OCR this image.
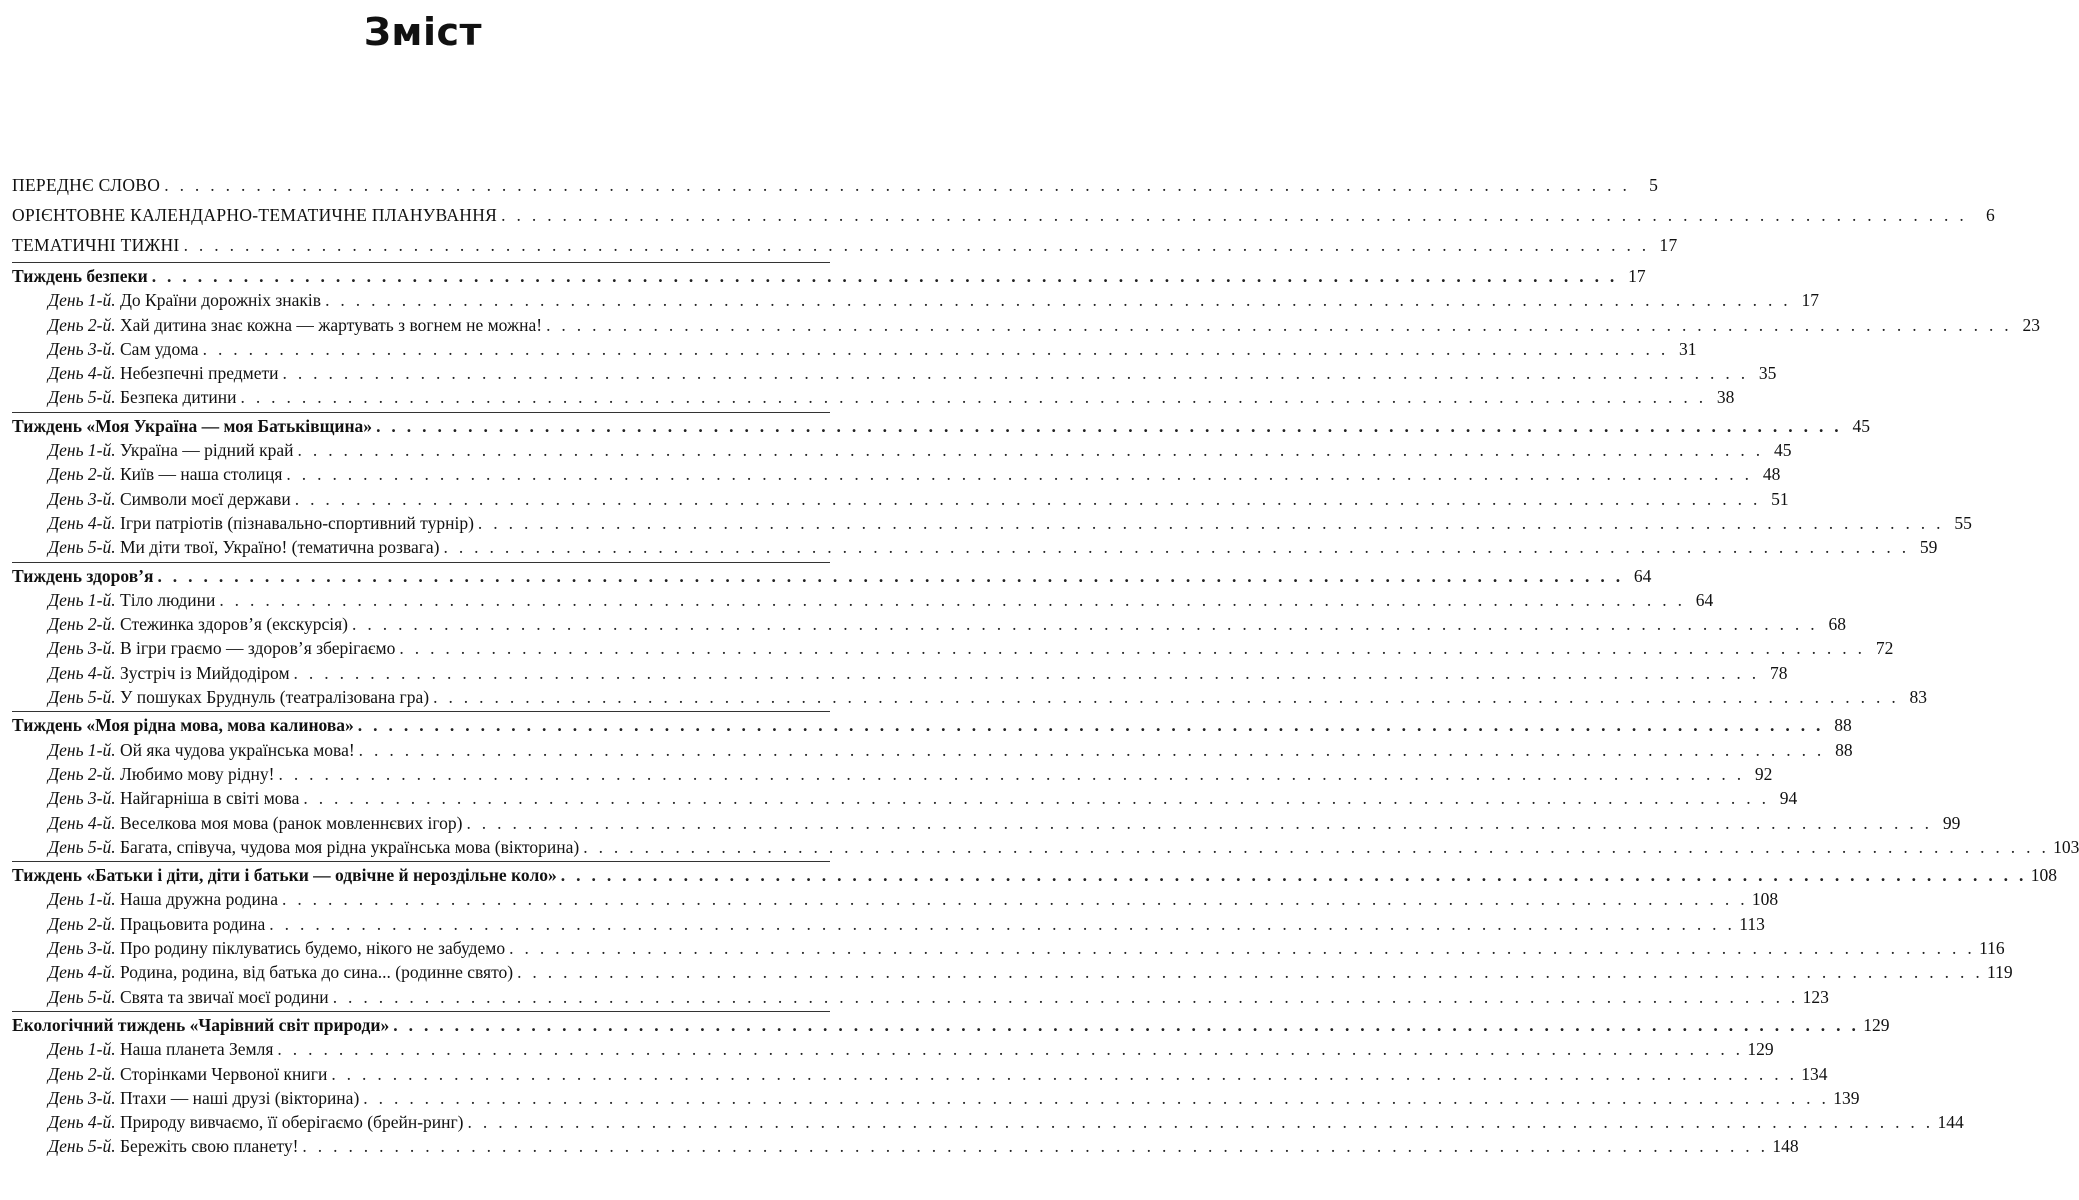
Зміст
ПЕРЕДНЄ СЛОВО . . . . . . . . . . . . . . . . . . . . . . . . . . . . . . . . . . . . . . . . . . . . . . . . . . . . . . . . . . . . . . . . . . . . . . . . . . . . . . . . . . . . . . . . . . . . . . . .	5
ОРІЄНТОВНЕ КАЛЕНДАРНО-ТЕМАТИЧНЕ ПЛАНУВАННЯ . . . . . . . . . . . . . . . . . . . . . . . . . . . . . . . . . . . . . . . . . . . . . . . . . . . . . . . . . . . . . . . . . . . . . . . . . . . . . . . . . . . . . . . . . . . . . . . .	6
ТЕМАТИЧНІ ТИЖНІ . . . . . . . . . . . . . . . . . . . . . . . . . . . . . . . . . . . . . . . . . . . . . . . . . . . . . . . . . . . . . . . . . . . . . . . . . . . . . . . . . . . . . . . . . . . . . . . . 17
Тиждень безпеки . . . . . . . . . . . . . . . . . . . . . . . . . . . . . . . . . . . . . . . . . . . . . . . . . . . . . . . . . . . . . . . . . . . . . . . . . . . . . . . . . . . . . . . . . . . . . . . . 17
День 1-й. До Країни дорожніх знаків . . . . . . . . . . . . . . . . . . . . . . . . . . . . . . . . . . . . . . . . . . . . . . . . . . . . . . . . . . . . . . . . . . . . . . . . . . . . . . . . . . . . . . . . . . . . . . . . 17
День 2-й. Хай дитина знає кожна — жартувать з вогнем не можна! . . . . . . . . . . . . . . . . . . . . . . . . . . . . . . . . . . . . . . . . . . . . . . . . . . . . . . . . . . . . . . . . . . . . . . . . . . . . . . . . . . . . . . . . . . . . . . . . 23
День 3-й. Сам удома . . . . . . . . . . . . . . . . . . . . . . . . . . . . . . . . . . . . . . . . . . . . . . . . . . . . . . . . . . . . . . . . . . . . . . . . . . . . . . . . . . . . . . . . . . . . . . . . 31
День 4-й. Небезпечні предмети . . . . . . . . . . . . . . . . . . . . . . . . . . . . . . . . . . . . . . . . . . . . . . . . . . . . . . . . . . . . . . . . . . . . . . . . . . . . . . . . . . . . . . . . . . . . . . . . 35
День 5-й. Безпека дитини . . . . . . . . . . . . . . . . . . . . . . . . . . . . . . . . . . . . . . . . . . . . . . . . . . . . . . . . . . . . . . . . . . . . . . . . . . . . . . . . . . . . . . . . . . . . . . . . 38
Тиждень «Моя Україна — моя Батьківщина» . . . . . . . . . . . . . . . . . . . . . . . . . . . . . . . . . . . . . . . . . . . . . . . . . . . . . . . . . . . . . . . . . . . . . . . . . . . . . . . . . . . . . . . . . . . . . . . . 45
День 1-й. Україна — рідний край . . . . . . . . . . . . . . . . . . . . . . . . . . . . . . . . . . . . . . . . . . . . . . . . . . . . . . . . . . . . . . . . . . . . . . . . . . . . . . . . . . . . . . . . . . . . . . . . 45
День 2-й. Київ — наша столиця . . . . . . . . . . . . . . . . . . . . . . . . . . . . . . . . . . . . . . . . . . . . . . . . . . . . . . . . . . . . . . . . . . . . . . . . . . . . . . . . . . . . . . . . . . . . . . . . 48
День 3-й. Символи моєї держави . . . . . . . . . . . . . . . . . . . . . . . . . . . . . . . . . . . . . . . . . . . . . . . . . . . . . . . . . . . . . . . . . . . . . . . . . . . . . . . . . . . . . . . . . . . . . . . . 51
День 4-й. Ігри патріотів (пізнавально-спортивний турнір) . . . . . . . . . . . . . . . . . . . . . . . . . . . . . . . . . . . . . . . . . . . . . . . . . . . . . . . . . . . . . . . . . . . . . . . . . . . . . . . . . . . . . . . . . . . . . . . . 55
День 5-й. Ми діти твої, Україно! (тематична розвага) . . . . . . . . . . . . . . . . . . . . . . . . . . . . . . . . . . . . . . . . . . . . . . . . . . . . . . . . . . . . . . . . . . . . . . . . . . . . . . . . . . . . . . . . . . . . . . . . 59
Тиждень здоров’я . . . . . . . . . . . . . . . . . . . . . . . . . . . . . . . . . . . . . . . . . . . . . . . . . . . . . . . . . . . . . . . . . . . . . . . . . . . . . . . . . . . . . . . . . . . . . . . . 64
День 1-й. Тіло людини . . . . . . . . . . . . . . . . . . . . . . . . . . . . . . . . . . . . . . . . . . . . . . . . . . . . . . . . . . . . . . . . . . . . . . . . . . . . . . . . . . . . . . . . . . . . . . . . 64
День 2-й. Стежинка здоров’я (екскурсія) . . . . . . . . . . . . . . . . . . . . . . . . . . . . . . . . . . . . . . . . . . . . . . . . . . . . . . . . . . . . . . . . . . . . . . . . . . . . . . . . . . . . . . . . . . . . . . . . 68
День 3-й. В ігри граємо — здоров’я зберігаємо . . . . . . . . . . . . . . . . . . . . . . . . . . . . . . . . . . . . . . . . . . . . . . . . . . . . . . . . . . . . . . . . . . . . . . . . . . . . . . . . . . . . . . . . . . . . . . . . 72
День 4-й. Зустріч із Мийдодіром . . . . . . . . . . . . . . . . . . . . . . . . . . . . . . . . . . . . . . . . . . . . . . . . . . . . . . . . . . . . . . . . . . . . . . . . . . . . . . . . . . . . . . . . . . . . . . . . 78
День 5-й. У пошуках Бруднуль (театралізована гра) . . . . . . . . . . . . . . . . . . . . . . . . . . . . . . . . . . . . . . . . . . . . . . . . . . . . . . . . . . . . . . . . . . . . . . . . . . . . . . . . . . . . . . . . . . . . . . . . 83
Тиждень «Моя рідна мова, мова калинова» . . . . . . . . . . . . . . . . . . . . . . . . . . . . . . . . . . . . . . . . . . . . . . . . . . . . . . . . . . . . . . . . . . . . . . . . . . . . . . . . . . . . . . . . . . . . . . . . 88
День 1-й. Ой яка чудова українська мова! . . . . . . . . . . . . . . . . . . . . . . . . . . . . . . . . . . . . . . . . . . . . . . . . . . . . . . . . . . . . . . . . . . . . . . . . . . . . . . . . . . . . . . . . . . . . . . . . 88
День 2-й. Любимо мову рідну! . . . . . . . . . . . . . . . . . . . . . . . . . . . . . . . . . . . . . . . . . . . . . . . . . . . . . . . . . . . . . . . . . . . . . . . . . . . . . . . . . . . . . . . . . . . . . . . . 92
День 3-й. Найгарніша в світі мова . . . . . . . . . . . . . . . . . . . . . . . . . . . . . . . . . . . . . . . . . . . . . . . . . . . . . . . . . . . . . . . . . . . . . . . . . . . . . . . . . . . . . . . . . . . . . . . . 94
День 4-й. Веселкова моя мова (ранок мовленнєвих ігор) . . . . . . . . . . . . . . . . . . . . . . . . . . . . . . . . . . . . . . . . . . . . . . . . . . . . . . . . . . . . . . . . . . . . . . . . . . . . . . . . . . . . . . . . . . . . . . . . 99
День 5-й. Багата, співуча, чудова моя рідна українська мова (вікторина) . . . . . . . . . . . . . . . . . . . . . . . . . . . . . . . . . . . . . . . . . . . . . . . . . . . . . . . . . . . . . . . . . . . . . . . . . . . . . . . . . . . . . . . . . . . . . . . . 103
Тиждень «Батьки і діти, діти і батьки — одвічне й нероздільне коло» . . . . . . . . . . . . . . . . . . . . . . . . . . . . . . . . . . . . . . . . . . . . . . . . . . . . . . . . . . . . . . . . . . . . . . . . . . . . . . . . . . . . . . . . . . . . . . . . 108
День 1-й. Наша дружна родина . . . . . . . . . . . . . . . . . . . . . . . . . . . . . . . . . . . . . . . . . . . . . . . . . . . . . . . . . . . . . . . . . . . . . . . . . . . . . . . . . . . . . . . . . . . . . . . . 108
День 2-й. Працьовита родина . . . . . . . . . . . . . . . . . . . . . . . . . . . . . . . . . . . . . . . . . . . . . . . . . . . . . . . . . . . . . . . . . . . . . . . . . . . . . . . . . . . . . . . . . . . . . . . . 113
День 3-й. Про родину піклуватись будемо, нікого не забудемо . . . . . . . . . . . . . . . . . . . . . . . . . . . . . . . . . . . . . . . . . . . . . . . . . . . . . . . . . . . . . . . . . . . . . . . . . . . . . . . . . . . . . . . . . . . . . . . . 116
День 4-й. Родина, родина, від батька до сина... (родинне свято) . . . . . . . . . . . . . . . . . . . . . . . . . . . . . . . . . . . . . . . . . . . . . . . . . . . . . . . . . . . . . . . . . . . . . . . . . . . . . . . . . . . . . . . . . . . . . . . . 119
День 5-й. Свята та звичаї моєї родини . . . . . . . . . . . . . . . . . . . . . . . . . . . . . . . . . . . . . . . . . . . . . . . . . . . . . . . . . . . . . . . . . . . . . . . . . . . . . . . . . . . . . . . . . . . . . . . . 123
Екологічний тиждень «Чарівний світ природи» . . . . . . . . . . . . . . . . . . . . . . . . . . . . . . . . . . . . . . . . . . . . . . . . . . . . . . . . . . . . . . . . . . . . . . . . . . . . . . . . . . . . . . . . . . . . . . . . 129
День 1-й. Наша планета Земля . . . . . . . . . . . . . . . . . . . . . . . . . . . . . . . . . . . . . . . . . . . . . . . . . . . . . . . . . . . . . . . . . . . . . . . . . . . . . . . . . . . . . . . . . . . . . . . . 129
День 2-й. Сторінками Червоної книги . . . . . . . . . . . . . . . . . . . . . . . . . . . . . . . . . . . . . . . . . . . . . . . . . . . . . . . . . . . . . . . . . . . . . . . . . . . . . . . . . . . . . . . . . . . . . . . . 134
День 3-й. Птахи — наші друзі (вікторина) . . . . . . . . . . . . . . . . . . . . . . . . . . . . . . . . . . . . . . . . . . . . . . . . . . . . . . . . . . . . . . . . . . . . . . . . . . . . . . . . . . . . . . . . . . . . . . . . 139
День 4-й. Природу вивчаємо, її оберігаємо (брейн-ринг) . . . . . . . . . . . . . . . . . . . . . . . . . . . . . . . . . . . . . . . . . . . . . . . . . . . . . . . . . . . . . . . . . . . . . . . . . . . . . . . . . . . . . . . . . . . . . . . . 144
День 5-й. Бережіть свою планету! . . . . . . . . . . . . . . . . . . . . . . . . . . . . . . . . . . . . . . . . . . . . . . . . . . . . . . . . . . . . . . . . . . . . . . . . . . . . . . . . . . . . . . . . . . . . . . . . 148
